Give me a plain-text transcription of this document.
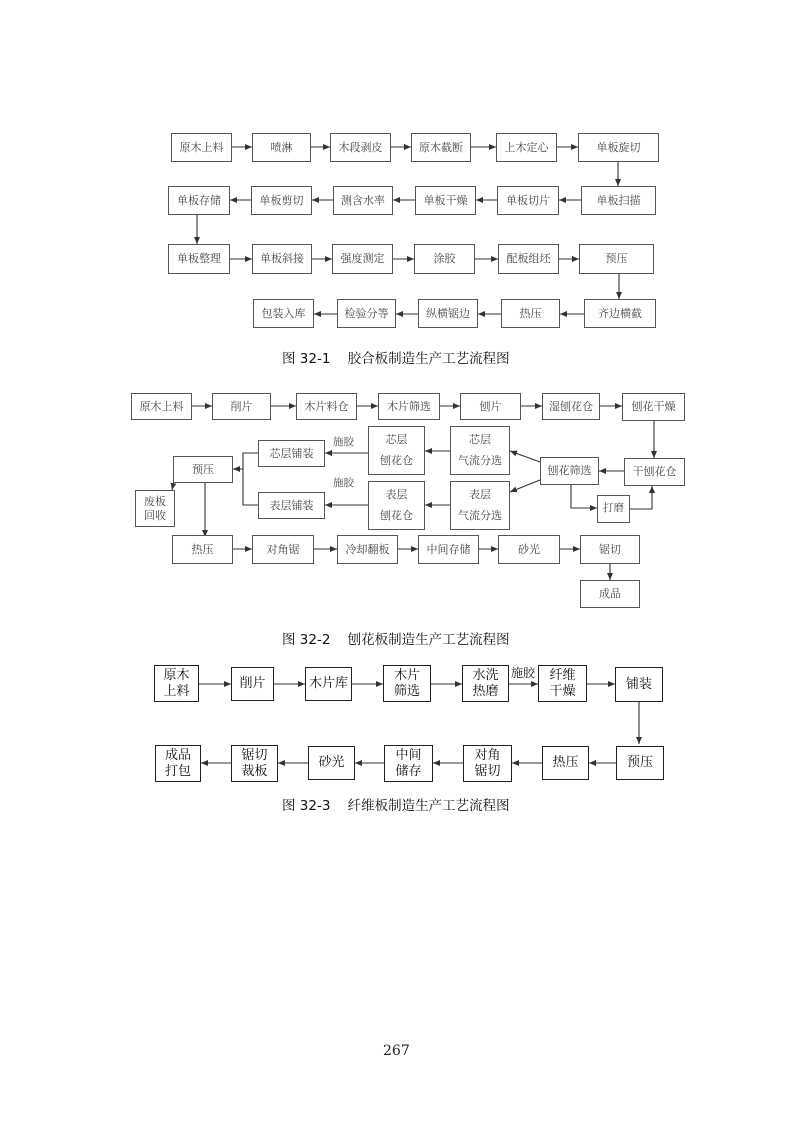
原木上料	喷淋	木段剥皮	原木截断	上木定心	单板旋切
单板存储	单板剪切	测含水率	单板干燥	单板切片	单板扫描
单板整理	单板斜接	强度测定	涂胶	配板组坯	预压
包装入库	检验分等	纵横锯边	热压	齐边横截
图 32-1    胶合板制造生产工艺流程图
原木上料	削片	木片料仓	木片筛选	刨片	湿刨花仓	刨花干燥
芯层铺装
表层铺装
芯层
刨花仓
表层
刨花仓
芯层
气流分选
表层
气流分选
刨花筛选	干刨花仓
打磨
预压
废板
回收
施胶
施胶
热压	对角锯	冷却翻板	中间存储	砂光	锯切
成品
图 32-2    刨花板制造生产工艺流程图
原木
上料	削片	木片库
木片
筛选
水洗
热磨
纤维
干燥	铺装
施胶
成品
打包
锯切
裁板
砂光	中间
储存
对角
锯切
热压	预压
图 32-3    纤维板制造生产工艺流程图
267
